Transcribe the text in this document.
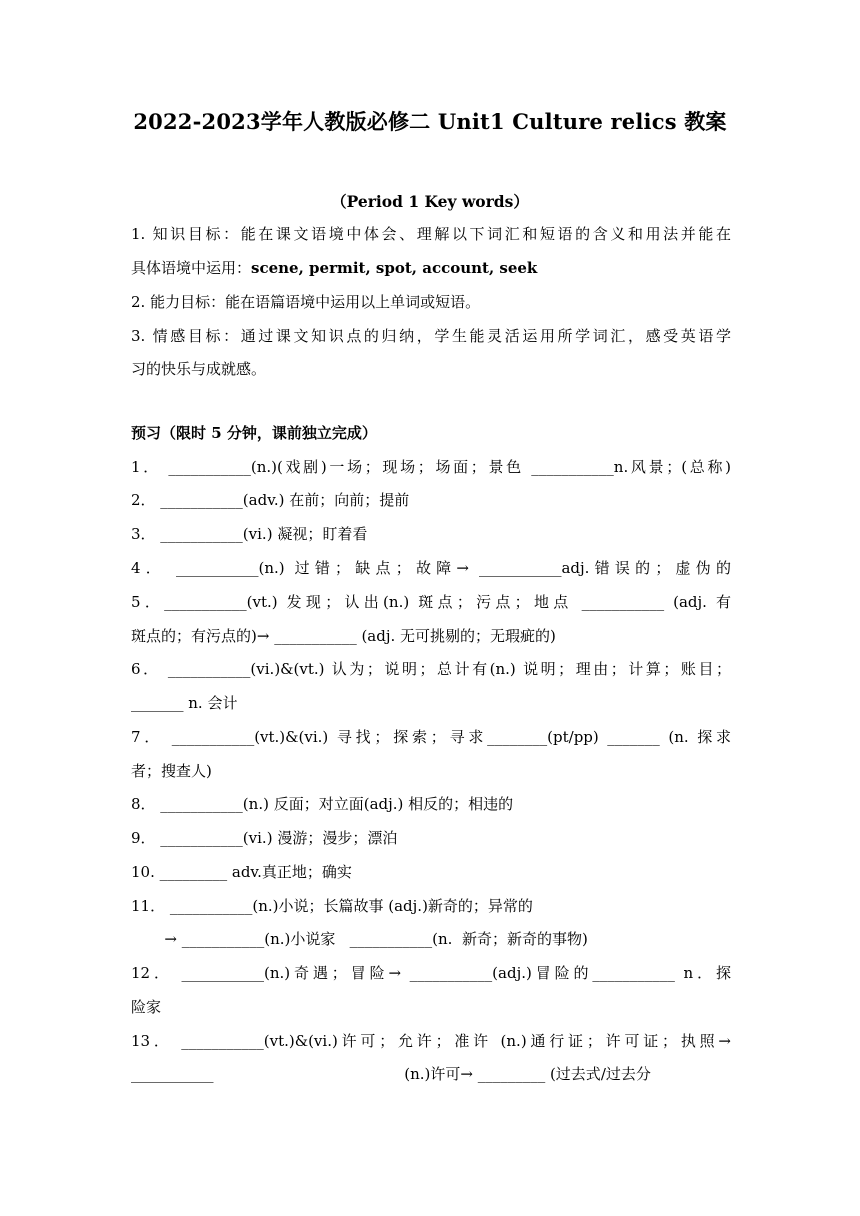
2022-2023学年人教版必修二 Unit1 Culture relics 教案
（Period 1 Key words）
1. 知识目标：能在课文语境中体会、理解以下词汇和短语的含义和用法并能在
具体语境中运用：scene, permit, spot, account, seek
2. 能力目标：能在语篇语境中运用以上单词或短语。
3. 情感目标：通过课文知识点的归纳，学生能灵活运用所学词汇，感受英语学
习的快乐与成就感。
预习（限时 5 分钟，课前独立完成）
1． ___________(n.)(戏剧)一场；现场；场面；景色 ___________n.风景；(总称)
2． ___________(adv.) 在前；向前；提前
3． ___________(vi.) 凝视；盯着看
4． ___________(n.) 过错；缺点；故障→ ___________adj.错误的；虚伪的
5．___________(vt.) 发现；认出(n.) 斑点；污点；地点 ___________ (adj. 有
斑点的；有污点的)→ ___________ (adj. 无可挑剔的；无瑕疵的)
6． ___________(vi.)&(vt.) 认为；说明；总计有(n.) 说明；理由；计算；账目；
_______ n. 会计
7． ___________(vt.)&(vi.) 寻找；探索；寻求________(pt/pp) _______ (n. 探求
者；搜查人)
8． ___________(n.) 反面；对立面(adj.) 相反的；相违的
9． ___________(vi.) 漫游；漫步；漂泊
10. _________ adv.真正地；确实
11． ___________(n.)小说；长篇故事 (adj.)新奇的；异常的
→ ___________(n.)小说家   ___________(n.  新奇；新奇的事物)
12． ___________(n.)奇遇；冒险→ ___________(adj.)冒险的___________ n．探
险家
13． ___________(vt.)&(vi.)许可；允许；准许 (n.)通行证；许可证；执照→
___________                                        (n.)许可→ _________ (过去式/过去分
